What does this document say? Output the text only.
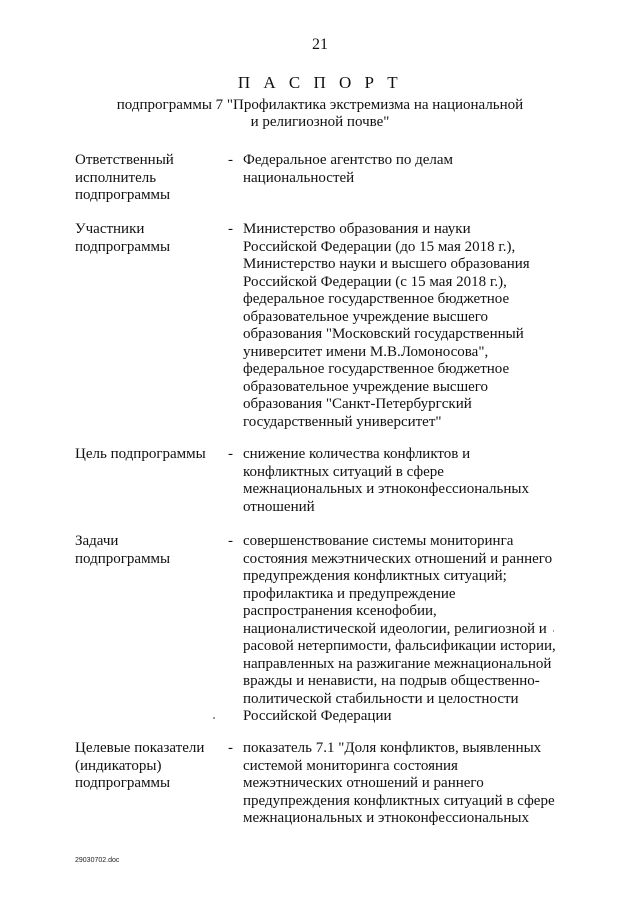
21
П А С П О Р Т
подпрограммы 7 "Профилактика экстремизма на национальной
и религиозной почве"
Ответственный
исполнитель
подпрограммы
- Федеральное агентство по делам
национальностей
Участники
подпрограммы
- Министерство образования и науки
Российской Федерации (до 15 мая 2018 г.),
Министерство науки и высшего образования
Российской Федерации (с 15 мая 2018 г.),
федеральное государственное бюджетное
образовательное учреждение высшего
образования "Московский государственный
университет имени М.В.Ломоносова",
федеральное государственное бюджетное
образовательное учреждение высшего
образования "Санкт-Петербургский
государственный университет"
Цель подпрограммы	- снижение количества конфликтов и
конфликтных ситуаций в сфере
межнациональных и этноконфессиональных
отношений
Задачи
подпрограммы
- совершенствование системы мониторинга
состояния межэтнических отношений и раннего
предупреждения конфликтных ситуаций;
профилактика и предупреждение
распространения ксенофобии,
националистической идеологии, религиозной и
расовой нетерпимости, фальсификации истории,
направленных на разжигание межнациональной
вражды и ненависти, на подрыв общественно-
политической стабильности и целостности
Российской Федерации
Целевые показатели
(индикаторы)
подпрограммы
- показатель 7.1 "Доля конфликтов, выявленных
системой мониторинга состояния
межэтнических отношений и раннего
предупреждения конфликтных ситуаций в сфере
межнациональных и этноконфессиональных
29030702.doc
